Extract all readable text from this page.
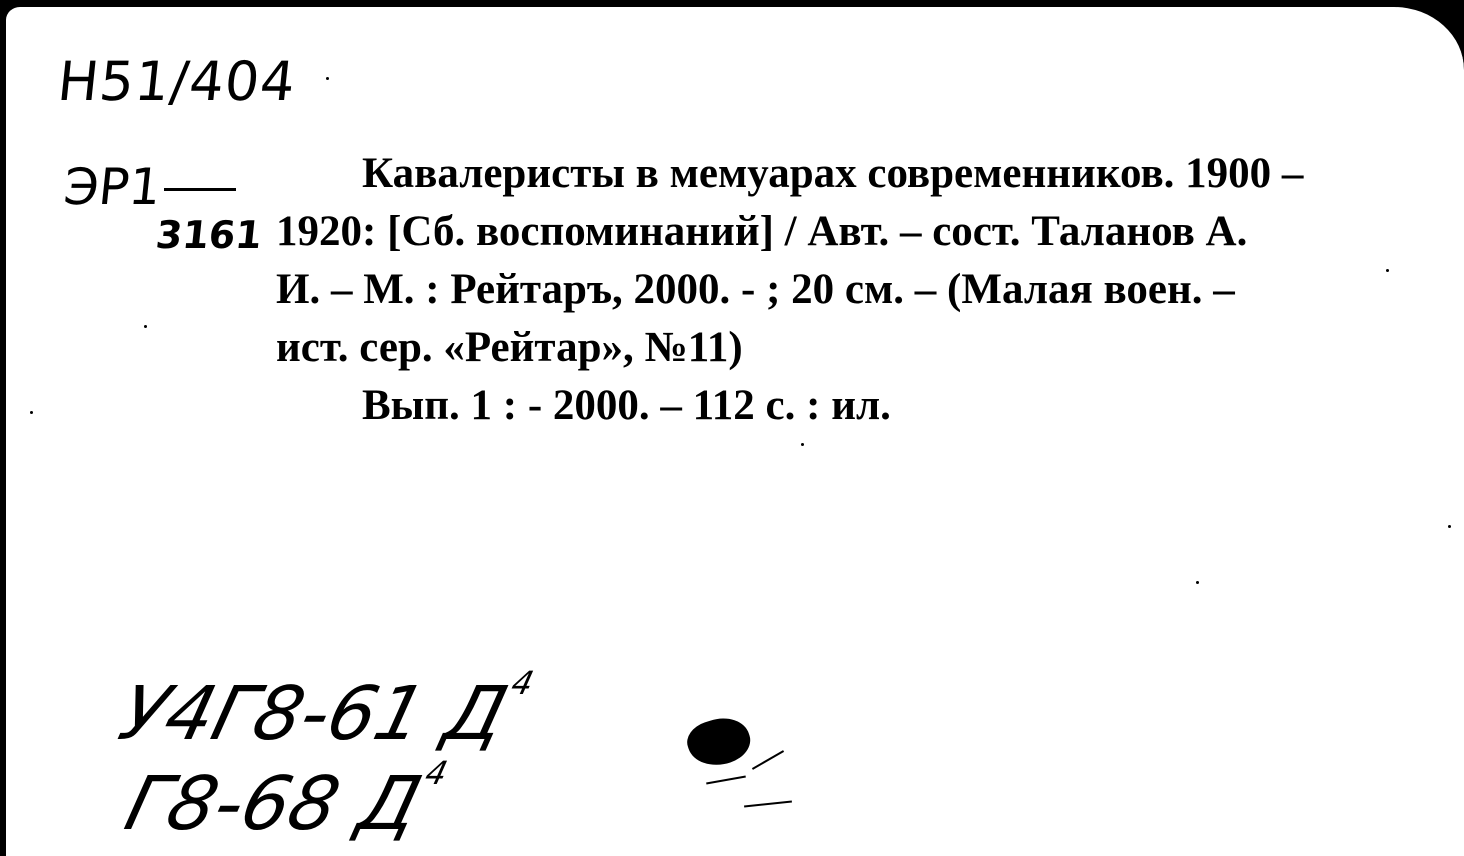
Н51/404
ЭР1
3161
Кавалеристы в мемуарах современников. 1900 –
1920: [Сб. воспоминаний] / Авт. – сост. Таланов А.
И. – М. : Рейтаръ, 2000. - ; 20 см. – (Малая воен. –
ист. сер. «Рейтар», №11)
Вып. 1 : - 2000. – 112 с. : ил.
У4Г8-61 $Д^4$
Г8-68 $Д^4$
